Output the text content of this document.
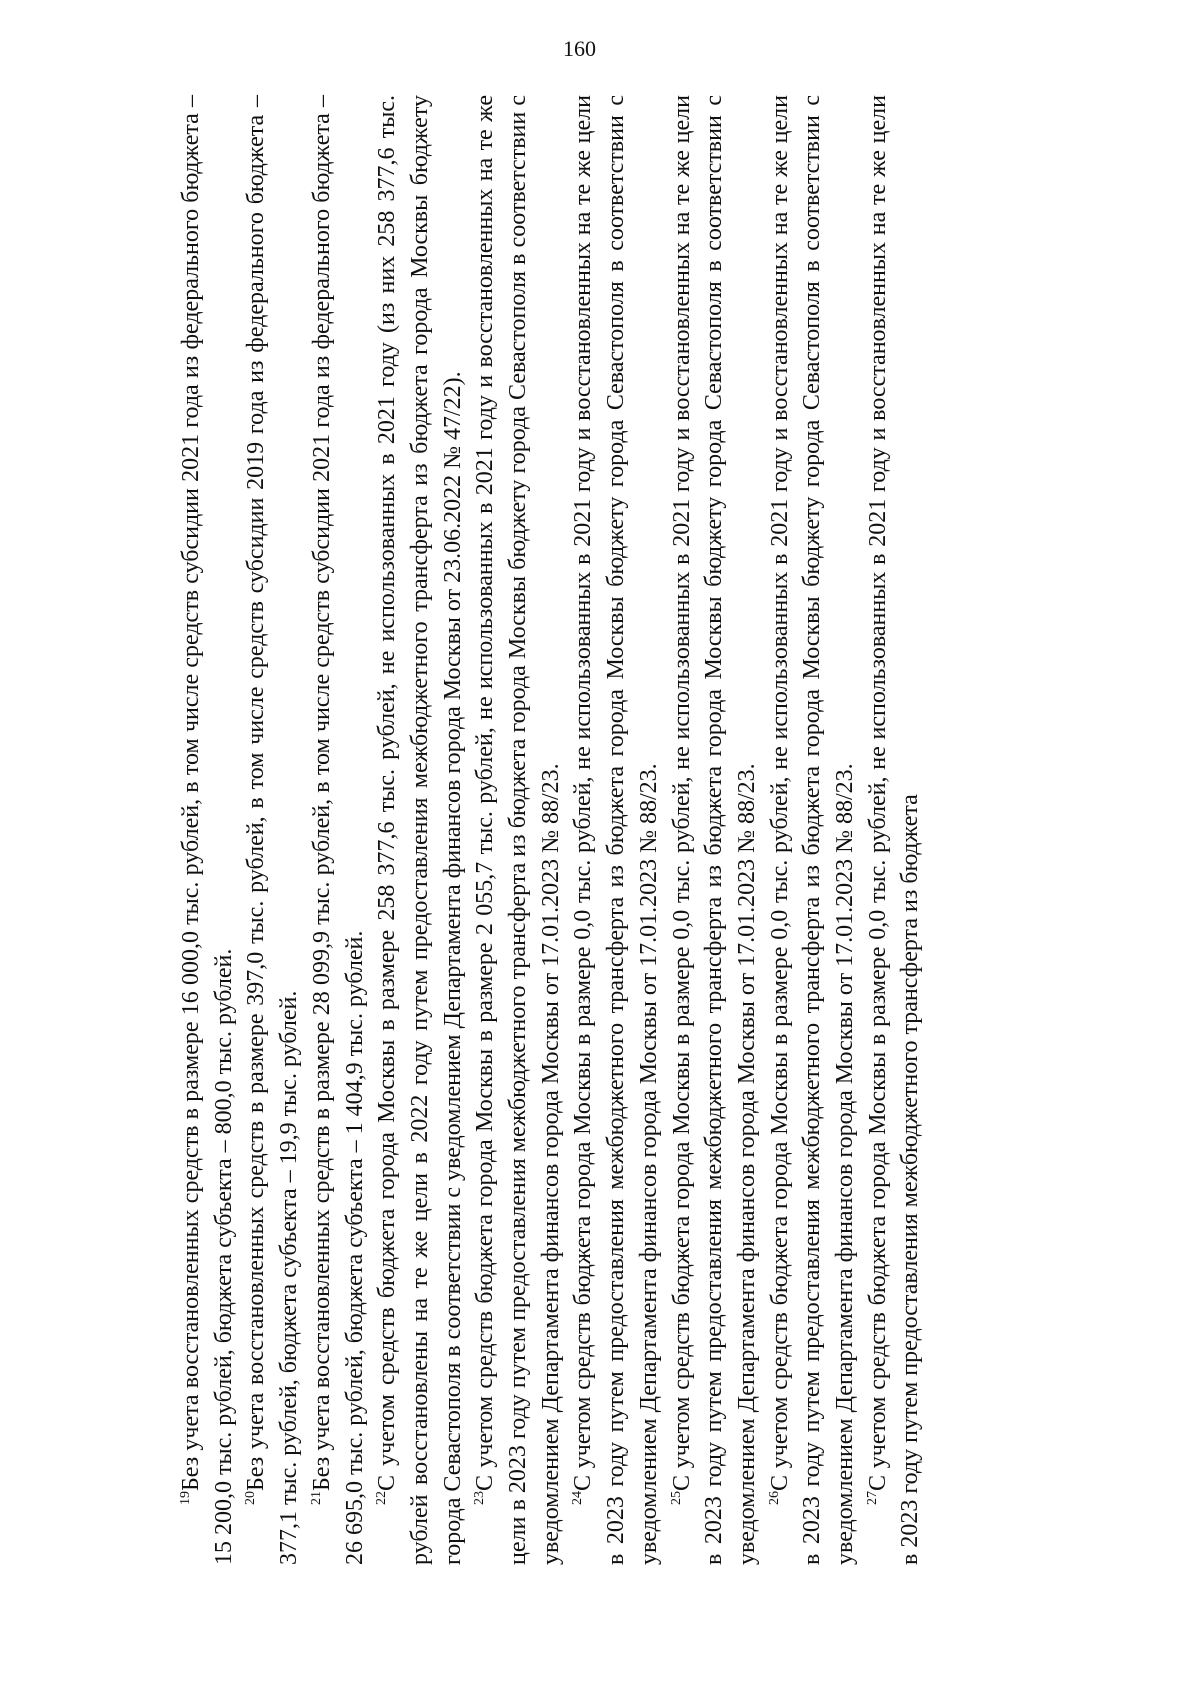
160

$^{19}$Без учета восстановленных средств в размере 16 000,0 тыс. рублей, в том числе средств субсидии 2021 года из федерального бюджета – 15 200,0 тыс. рублей, бюджета субъекта – 800,0 тыс. рублей. $^{20}$Без учета восстановленных средств в размере 397,0 тыс. рублей, в том числе средств субсидии 2019 года из федерального бюджета – 377,1 тыс. рублей, бюджета субъекта – 19,9 тыс. рублей. $^{21}$Без учета восстановленных средств в размере 28 099,9 тыс. рублей, в том числе средств субсидии 2021 года из федерального бюджета – 26 695,0 тыс. рублей, бюджета субъекта – 1 404,9 тыс. рублей. $^{22}$С учетом средств бюджета города Москвы в размере 258 377,6 тыс. рублей, не использованных в 2021 году (из них 258 377,6 тыс. рублей восстановлены на те же цели в 2022 году путем предоставления межбюджетного трансферта из бюджета города Москвы бюджету города Севастополя в соответствии с уведомлением Департамента финансов города Москвы от 23.06.2022 № 47/22). $^{23}$С учетом средств бюджета города Москвы в размере 2 055,7 тыс. рублей, не использованных в 2021 году и восстановленных на те же цели в 2023 году путем предоставления межбюджетного трансферта из бюджета города Москвы бюджету города Севастополя в соответствии с уведомлением Департамента финансов города Москвы от 17.01.2023 № 88/23. $^{24}$С учетом средств бюджета города Москвы в размере 0,0 тыс. рублей, не использованных в 2021 году и восстановленных на те же цели в 2023 году путем предоставления межбюджетного трансферта из бюджета города Москвы бюджету города Севастополя в соответствии с уведомлением Департамента финансов города Москвы от 17.01.2023 № 88/23. $^{25}$С учетом средств бюджета города Москвы в размере 0,0 тыс. рублей, не использованных в 2021 году и восстановленных на те же цели в 2023 году путем предоставления межбюджетного трансферта из бюджета города Москвы бюджету города Севастополя в соответствии с уведомлением Департамента финансов города Москвы от 17.01.2023 № 88/23. $^{26}$С учетом средств бюджета города Москвы в размере 0,0 тыс. рублей, не использованных в 2021 году и восстановленных на те же цели в 2023 году путем предоставления межбюджетного трансферта из бюджета города Москвы бюджету города Севастополя в соответствии с уведомлением Департамента финансов города Москвы от 17.01.2023 № 88/23. $^{27}$С учетом средств бюджета города Москвы в размере 0,0 тыс. рублей, не использованных в 2021 году и восстановленных на те же цели в 2023 году путем предоставления межбюджетного трансферта из бюджета
